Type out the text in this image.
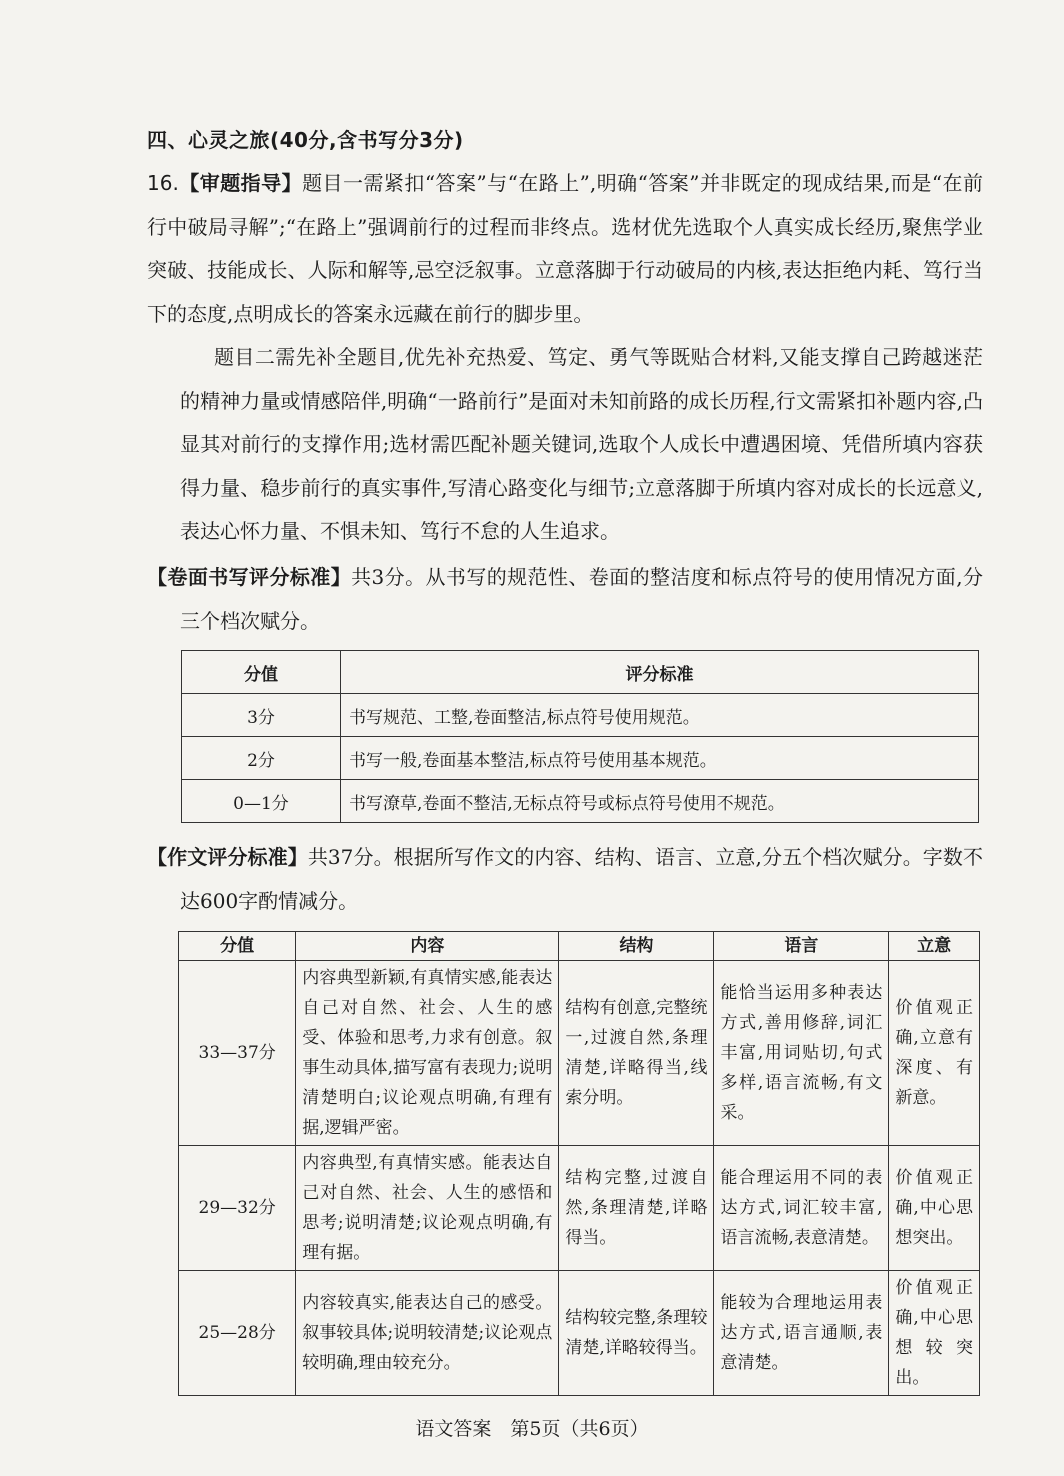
四、心灵之旅(40分,含书写分3分)
16.【审题指导】题目一需紧扣“答案”与“在路上”,明确“答案”并非既定的现成结果,而是“在前行中破局寻解”;“在路上”强调前行的过程而非终点。选材优先选取个人真实成长经历,聚焦学业突破、技能成长、人际和解等,忌空泛叙事。立意落脚于行动破局的内核,表达拒绝内耗、笃行当下的态度,点明成长的答案永远藏在前行的脚步里。
题目二需先补全题目,优先补充热爱、笃定、勇气等既贴合材料,又能支撑自己跨越迷茫的精神力量或情感陪伴,明确“一路前行”是面对未知前路的成长历程,行文需紧扣补题内容,凸显其对前行的支撑作用;选材需匹配补题关键词,选取个人成长中遭遇困境、凭借所填内容获得力量、稳步前行的真实事件,写清心路变化与细节;立意落脚于所填内容对成长的长远意义,表达心怀力量、不惧未知、笃行不怠的人生追求。
【卷面书写评分标准】共3分。从书写的规范性、卷面的整洁度和标点符号的使用情况方面,分三个档次赋分。
分值	评分标准
3分	书写规范、工整,卷面整洁,标点符号使用规范。
2分	书写一般,卷面基本整洁,标点符号使用基本规范。
0—1分	书写潦草,卷面不整洁,无标点符号或标点符号使用不规范。
【作文评分标准】共37分。根据所写作文的内容、结构、语言、立意,分五个档次赋分。字数不达600字酌情减分。
分值	内容	结构	语言	立意
33—37分	内容典型新颖,有真情实感,能表达自己对自然、社会、人生的感受、体验和思考,力求有创意。叙事生动具体,描写富有表现力;说明清楚明白;议论观点明确,有理有据,逻辑严密。	结构有创意,完整统一,过渡自然,条理清楚,详略得当,线索分明。	能恰当运用多种表达方式,善用修辞,词汇丰富,用词贴切,句式多样,语言流畅,有文采。	价值观正确,立意有深度、有新意。
29—32分	内容典型,有真情实感。能表达自己对自然、社会、人生的感悟和思考;说明清楚;议论观点明确,有理有据。	结构完整,过渡自然,条理清楚,详略得当。	能合理运用不同的表达方式,词汇较丰富,语言流畅,表意清楚。	价值观正确,中心思想突出。
25—28分	内容较真实,能表达自己的感受。叙事较具体;说明较清楚;议论观点较明确,理由较充分。	结构较完整,条理较清楚,详略较得当。	能较为合理地运用表达方式,语言通顺,表意清楚。	价值观正确,中心思想较突出。
语文答案　第5页（共6页）
